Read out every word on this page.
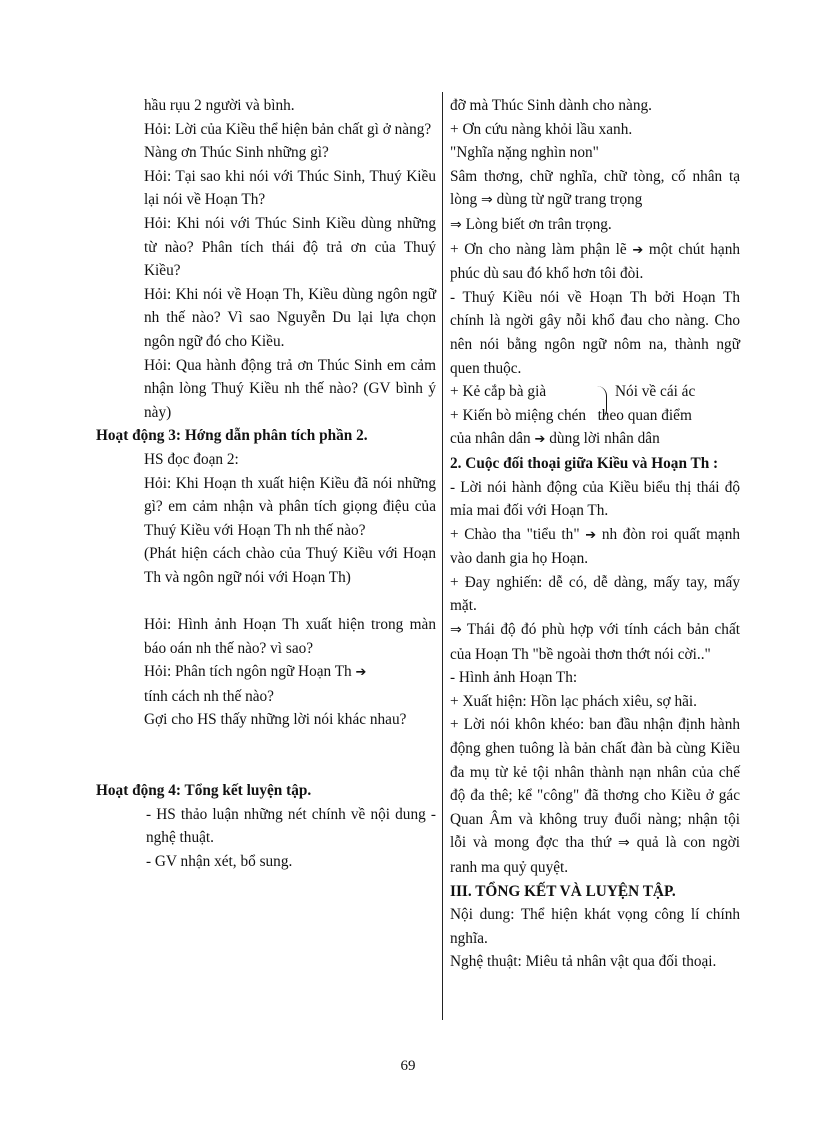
hầu rụu 2 người và bình.

Hỏi: Lời của Kiều thể hiện bản chất gì ở nàng?

Nàng ơn Thúc Sinh những gì?

Hỏi: Tại sao khi nói với Thúc Sinh, Thuý Kiều lại nói về Hoạn Th?

Hỏi: Khi nói với Thúc Sinh Kiều dùng những từ nào? Phân tích thái độ trả ơn của Thuý Kiều?

Hỏi: Khi nói về Hoạn Th, Kiều dùng ngôn ngữ nh thế nào? Vì sao Nguyễn Du lại lựa chọn ngôn ngữ đó cho Kiều.

Hỏi: Qua hành động trả ơn Thúc Sinh em cảm nhận lòng Thuý Kiều nh thế nào? (GV bình ý này)

Hoạt động 3: Hớng dẫn phân tích phần 2.

HS đọc đoạn 2:

Hỏi: Khi Hoạn th xuất hiện Kiều đã nói những gì? em cảm nhận và phân tích giọng điệu của Thuý Kiều với Hoạn Th nh thế nào?

(Phát hiện cách chào của Thuý Kiều với Hoạn Th và ngôn ngữ nói với Hoạn Th)

Hỏi: Hình ảnh Hoạn Th xuất hiện trong màn báo oán nh thế nào? vì sao?

Hỏi: Phân tích ngôn ngữ Hoạn Th ➔
tính cách nh thế nào?

Gợi cho HS thấy những lời nói khác nhau?

Hoạt động 4: Tổng kết luyện tập.

- HS thảo luận những nét chính về nội dung - nghệ thuật.

- GV nhận xét, bổ sung.

đỡ mà Thúc Sinh dành cho nàng.

+ Ơn cứu nàng khỏi lầu xanh.

"Nghĩa nặng nghìn non"

Sâm thơng, chữ nghĩa, chữ tòng, cố nhân tạ lòng ⇒ dùng từ ngữ trang trọng

⇒ Lòng biết ơn trân trọng.

+ Ơn cho nàng làm phận lẽ ➔ một chút hạnh phúc dù sau đó khổ hơn tôi đòi.

- Thuý Kiều nói về Hoạn Th bởi Hoạn Th chính là ngời gây nỗi khổ đau cho nàng. Cho nên nói bằng ngôn ngữ nôm na, thành ngữ quen thuộc.

+ Kẻ cắp bà già	Nói về cái ác

+ Kiến bò miệng chén theo quan điểm

của nhân dân ➔ dùng lời nhân dân

2. Cuộc đối thoại giữa Kiều và Hoạn Th :

- Lời nói hành động của Kiều biểu thị thái độ mỉa mai đối với Hoạn Th.

+ Chào tha "tiểu th" ➔ nh đòn roi quất mạnh vào danh gia họ Hoạn.

+ Đay nghiến: dễ có, dễ dàng, mấy tay, mấy mặt.

⇒ Thái độ đó phù hợp với tính cách bản chất của Hoạn Th "bề ngoài thơn thớt nói cời.."

- Hình ảnh Hoạn Th:

+ Xuất hiện: Hồn lạc phách xiêu, sợ hãi.

+ Lời nói khôn khéo: ban đầu nhận định hành động ghen tuông là bản chất đàn bà cùng Kiều đa mụ từ kẻ tội nhân thành nạn nhân của chế độ đa thê; kể "công" đã thơng cho Kiều ở gác Quan Âm và không truy đuổi nàng; nhận tội lỗi và mong đợc tha thứ ⇒ quả là con ngời ranh ma quỷ quyệt.

III. TỔNG KẾT VÀ LUYỆN TẬP.

Nội dung: Thể hiện khát vọng công lí chính nghĩa.

Nghệ thuật: Miêu tả nhân vật qua đối thoại.

69
